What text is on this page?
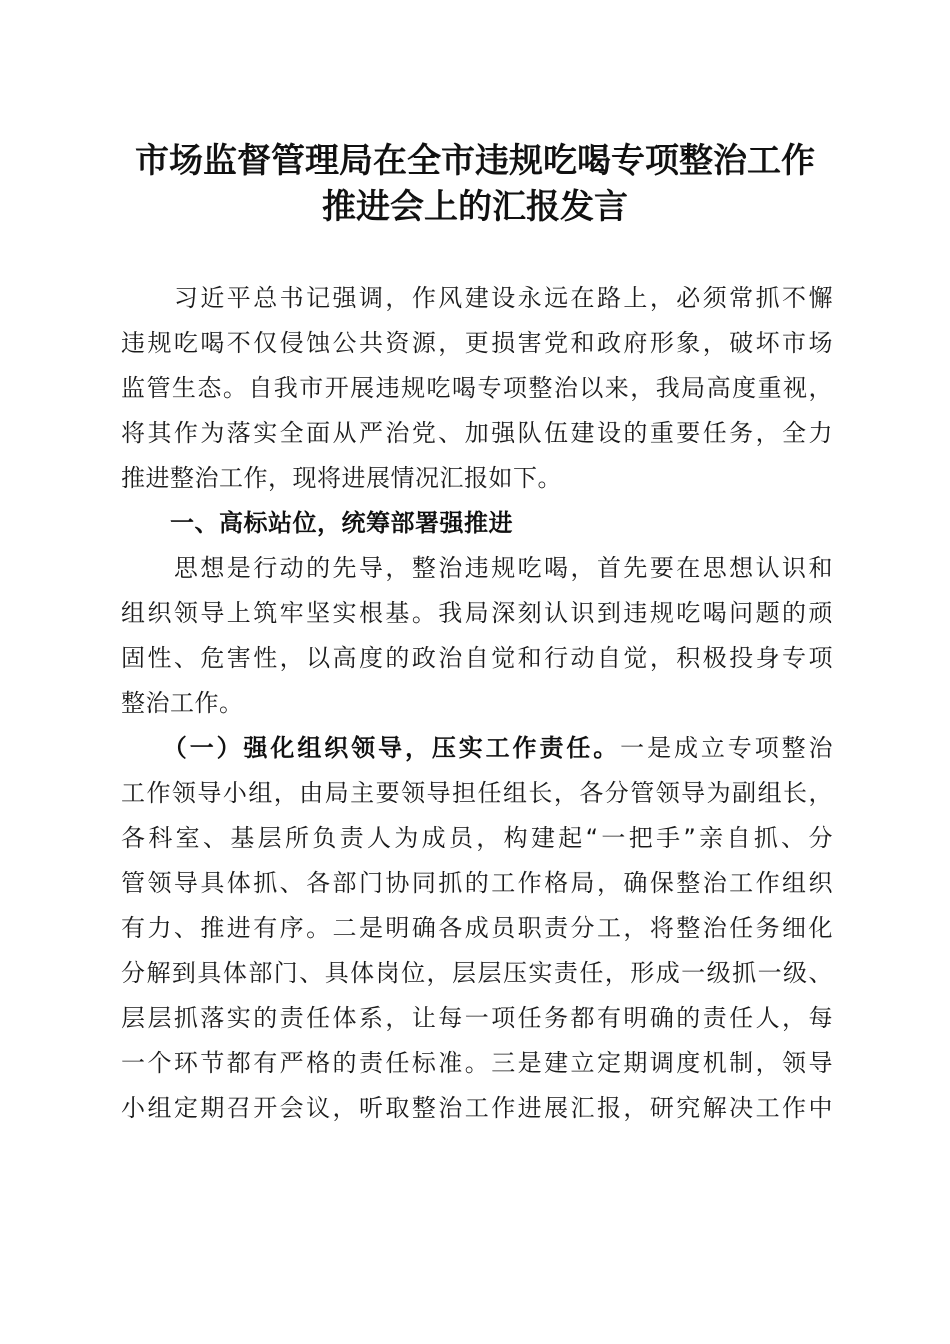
市场监督管理局在全市违规吃喝专项整治工作
推进会上的汇报发言
　　习近平总书记强调，作风建设永远在路上，必须常抓不懈
违规吃喝不仅侵蚀公共资源，更损害党和政府形象，破坏市场
监管生态。自我市开展违规吃喝专项整治以来，我局高度重视，
将其作为落实全面从严治党、加强队伍建设的重要任务，全力
推进整治工作，现将进展情况汇报如下。
　　一、高标站位，统筹部署强推进
　　思想是行动的先导，整治违规吃喝，首先要在思想认识和
组织领导上筑牢坚实根基。我局深刻认识到违规吃喝问题的顽
固性、危害性，以高度的政治自觉和行动自觉，积极投身专项
整治工作。
　　（一）强化组织领导，压实工作责任。一是成立专项整治
工作领导小组，由局主要领导担任组长，各分管领导为副组长，
各科室、基层所负责人为成员，构建起“一把手”亲自抓、分
管领导具体抓、各部门协同抓的工作格局，确保整治工作组织
有力、推进有序。二是明确各成员职责分工，将整治任务细化
分解到具体部门、具体岗位，层层压实责任，形成一级抓一级、
层层抓落实的责任体系，让每一项任务都有明确的责任人，每
一个环节都有严格的责任标准。三是建立定期调度机制，领导
小组定期召开会议，听取整治工作进展汇报，研究解决工作中
